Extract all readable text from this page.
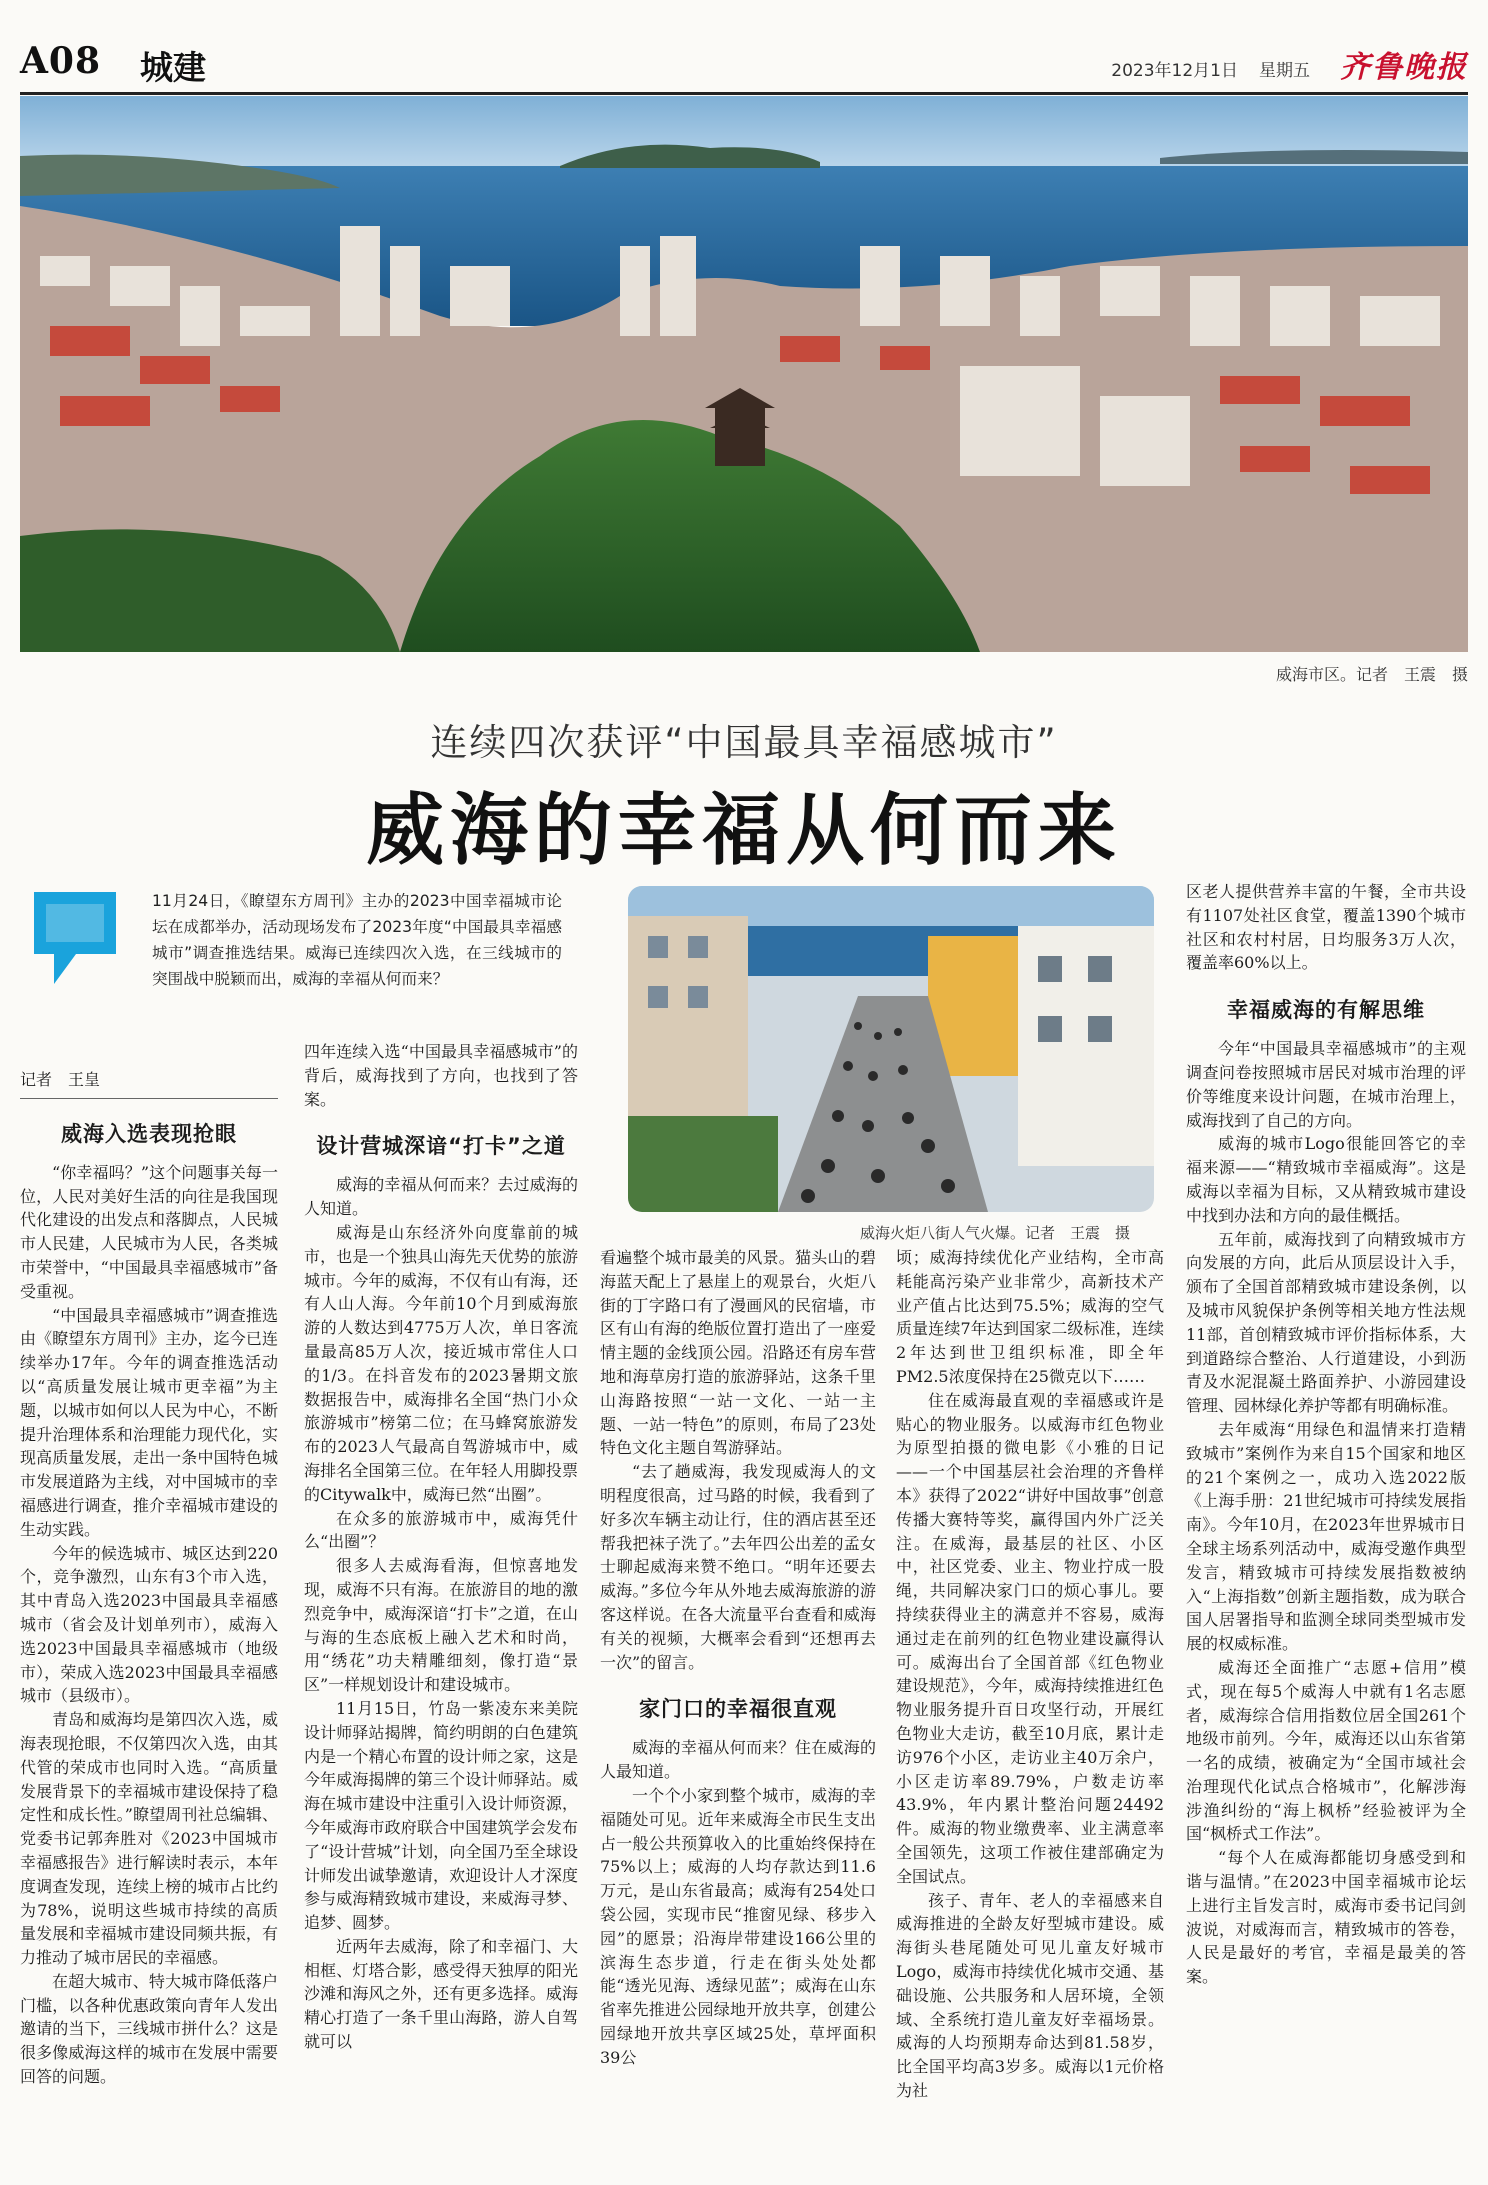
A08 城建	2023年12月1日 星期五 齐鲁晚报
威海市区。记者　王震　摄
连续四次获评“中国最具幸福感城市”
威海的幸福从何而来
11月24日，《瞭望东方周刊》主办的2023中国幸福城市论坛在成都举办，活动现场发布了2023年度“中国最具幸福感城市”调查推选结果。威海已连续四次入选，在三线城市的突围战中脱颖而出，威海的幸福从何而来？
威海火炬八街人气火爆。记者　王震　摄

记者　王皇

威海入选表现抢眼

“你幸福吗？”这个问题事关每一位，人民对美好生活的向往是我国现代化建设的出发点和落脚点，人民城市人民建，人民城市为人民，各类城市荣誉中，“中国最具幸福感城市”备受重视。

“中国最具幸福感城市”调查推选由《瞭望东方周刊》主办，迄今已连续举办17年。今年的调查推选活动以“高质量发展让城市更幸福”为主题，以城市如何以人民为中心，不断提升治理体系和治理能力现代化，实现高质量发展，走出一条中国特色城市发展道路为主线，对中国城市的幸福感进行调查，推介幸福城市建设的生动实践。

今年的候选城市、城区达到220个，竞争激烈，山东有3个市入选，其中青岛入选2023中国最具幸福感城市（省会及计划单列市），威海入选2023中国最具幸福感城市（地级市），荣成入选2023中国最具幸福感城市（县级市）。

青岛和威海均是第四次入选，威海表现抢眼，不仅第四次入选，由其代管的荣成市也同时入选。“高质量发展背景下的幸福城市建设保持了稳定性和成长性。”瞭望周刊社总编辑、党委书记郭奔胜对《2023中国城市幸福感报告》进行解读时表示，本年度调查发现，连续上榜的城市占比约为78%，说明这些城市持续的高质量发展和幸福城市建设同频共振，有力推动了城市居民的幸福感。

在超大城市、特大城市降低落户门槛，以各种优惠政策向青年人发出邀请的当下，三线城市拼什么？这是很多像威海这样的城市在发展中需要回答的问题。

四年连续入选“中国最具幸福感城市”的背后，威海找到了方向，也找到了答案。

设计营城深谙“打卡”之道

威海的幸福从何而来？去过威海的人知道。

威海是山东经济外向度靠前的城市，也是一个独具山海先天优势的旅游城市。今年的威海，不仅有山有海，还有人山人海。今年前10个月到威海旅游的人数达到4775万人次，单日客流量最高85万人次，接近城市常住人口的1/3。在抖音发布的2023暑期文旅数据报告中，威海排名全国“热门小众旅游城市”榜第二位；在马蜂窝旅游发布的2023人气最高自驾游城市中，威海排名全国第三位。在年轻人用脚投票的Citywalk中，威海已然“出圈”。

在众多的旅游城市中，威海凭什么“出圈”？

很多人去威海看海，但惊喜地发现，威海不只有海。在旅游目的地的激烈竞争中，威海深谙“打卡”之道，在山与海的生态底板上融入艺术和时尚，用“绣花”功夫精雕细刻，像打造“景区”一样规划设计和建设城市。

11月15日，竹岛一紫凌东来美院设计师驿站揭牌，简约明朗的白色建筑内是一个精心布置的设计师之家，这是今年威海揭牌的第三个设计师驿站。威海在城市建设中注重引入设计师资源，今年威海市政府联合中国建筑学会发布了“设计营城”计划，向全国乃至全球设计师发出诚挚邀请，欢迎设计人才深度参与威海精致城市建设，来威海寻梦、追梦、圆梦。

近两年去威海，除了和幸福门、大相框、灯塔合影，感受得天独厚的阳光沙滩和海风之外，还有更多选择。威海精心打造了一条千里山海路，游人自驾就可以

看遍整个城市最美的风景。猫头山的碧海蓝天配上了悬崖上的观景台，火炬八街的丁字路口有了漫画风的民宿墙，市区有山有海的绝版位置打造出了一座爱情主题的金线顶公园。沿路还有房车营地和海草房打造的旅游驿站，这条千里山海路按照“一站一文化、一站一主题、一站一特色”的原则，布局了23处特色文化主题自驾游驿站。

“去了趟威海，我发现威海人的文明程度很高，过马路的时候，我看到了好多次车辆主动让行，住的酒店甚至还帮我把袜子洗了。”去年四公出差的孟女士聊起威海来赞不绝口。“明年还要去威海。”多位今年从外地去威海旅游的游客这样说。在各大流量平台查看和威海有关的视频，大概率会看到“还想再去一次”的留言。

家门口的幸福很直观

威海的幸福从何而来？住在威海的人最知道。

一个个小家到整个城市，威海的幸福随处可见。近年来威海全市民生支出占一般公共预算收入的比重始终保持在75%以上；威海的人均存款达到11.6万元，是山东省最高；威海有254处口袋公园，实现市民“推窗见绿、移步入园”的愿景；沿海岸带建设166公里的滨海生态步道，行走在街头处处都能“透光见海、透绿见蓝”；威海在山东省率先推进公园绿地开放共享，创建公园绿地开放共享区域25处，草坪面积39公

顷；威海持续优化产业结构，全市高耗能高污染产业非常少，高新技术产业产值占比达到75.5%；威海的空气质量连续7年达到国家二级标准，连续2年达到世卫组织标准，即全年PM2.5浓度保持在25微克以下……

住在威海最直观的幸福感或许是贴心的物业服务。以威海市红色物业为原型拍摄的微电影《小雅的日记——一个中国基层社会治理的齐鲁样本》获得了2022“讲好中国故事”创意传播大赛特等奖，赢得国内外广泛关注。在威海，最基层的社区、小区中，社区党委、业主、物业拧成一股绳，共同解决家门口的烦心事儿。要持续获得业主的满意并不容易，威海通过走在前列的红色物业建设赢得认可。威海出台了全国首部《红色物业建设规范》，今年，威海持续推进红色物业服务提升百日攻坚行动，开展红色物业大走访，截至10月底，累计走访976个小区，走访业主40万余户，小区走访率89.79%，户数走访率43.9%，年内累计整治问题24492件。威海的物业缴费率、业主满意率全国领先，这项工作被住建部确定为全国试点。

孩子、青年、老人的幸福感来自威海推进的全龄友好型城市建设。威海街头巷尾随处可见儿童友好城市Logo，威海市持续优化城市交通、基础设施、公共服务和人居环境，全领域、全系统打造儿童友好幸福场景。威海的人均预期寿命达到81.58岁，比全国平均高3岁多。威海以1元价格为社

区老人提供营养丰富的午餐，全市共设有1107处社区食堂，覆盖1390个城市社区和农村村居，日均服务3万人次，覆盖率60%以上。

幸福威海的有解思维

今年“中国最具幸福感城市”的主观调查问卷按照城市居民对城市治理的评价等维度来设计问题，在城市治理上，威海找到了自己的方向。

威海的城市Logo很能回答它的幸福来源——“精致城市幸福威海”。这是威海以幸福为目标，又从精致城市建设中找到办法和方向的最佳概括。

五年前，威海找到了向精致城市方向发展的方向，此后从顶层设计入手，颁布了全国首部精致城市建设条例，以及城市风貌保护条例等相关地方性法规11部，首创精致城市评价指标体系，大到道路综合整治、人行道建设，小到沥青及水泥混凝土路面养护、小游园建设管理、园林绿化养护等都有明确标准。

去年威海“用绿色和温情来打造精致城市”案例作为来自15个国家和地区的21个案例之一，成功入选2022版《上海手册：21世纪城市可持续发展指南》。今年10月，在2023年世界城市日全球主场系列活动中，威海受邀作典型发言，精致城市可持续发展指数被纳入“上海指数”创新主题指数，成为联合国人居署指导和监测全球同类型城市发展的权威标准。

威海还全面推广“志愿+信用”模式，现在每5个威海人中就有1名志愿者，威海综合信用指数位居全国261个地级市前列。今年，威海还以山东省第一名的成绩，被确定为“全国市域社会治理现代化试点合格城市”，化解涉海涉渔纠纷的“海上枫桥”经验被评为全国“枫桥式工作法”。

“每个人在威海都能切身感受到和谐与温情。”在2023中国幸福城市论坛上进行主旨发言时，威海市委书记闫剑波说，对威海而言，精致城市的答卷，人民是最好的考官，幸福是最美的答案。
